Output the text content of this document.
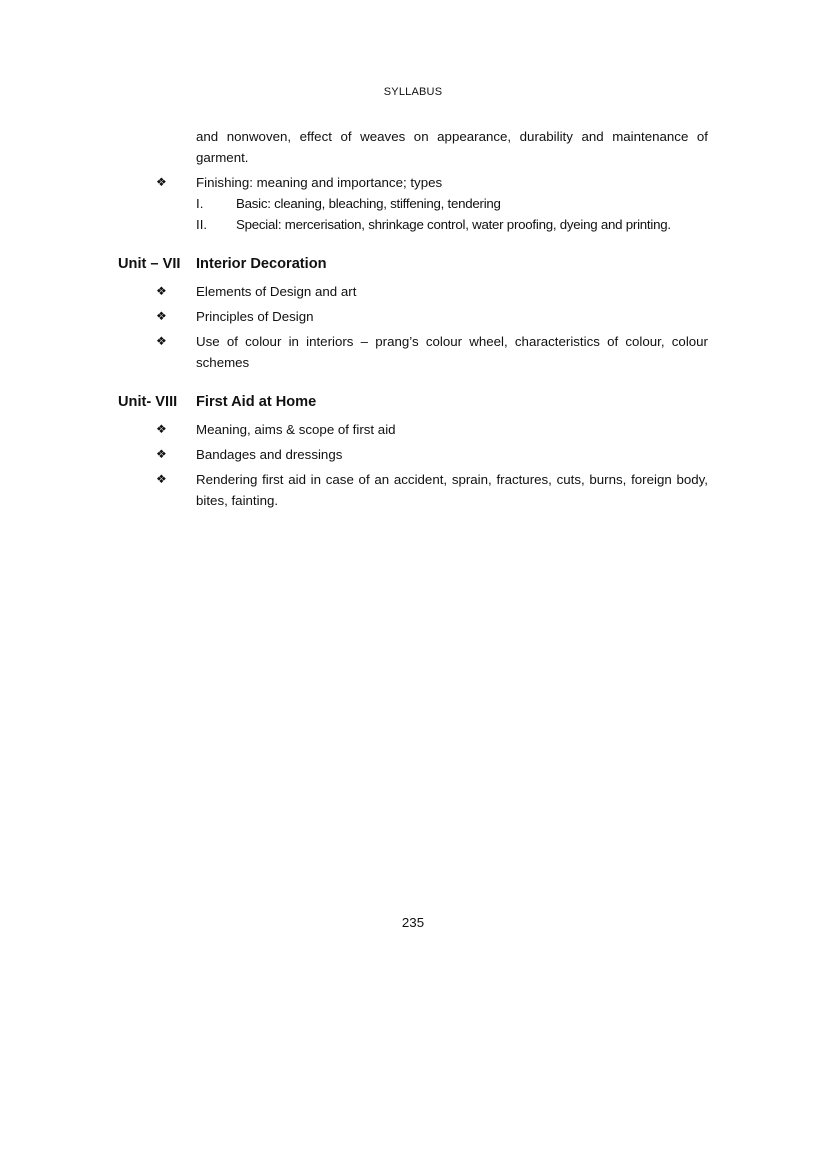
SYLLABUS
and nonwoven, effect of weaves on appearance, durability and maintenance of garment.
❖	Finishing: meaning and importance; types
I.	Basic: cleaning, bleaching, stiffening, tendering
II.	Special: mercerisation, shrinkage control, water proofing, dyeing and printing.
Unit – VII	Interior Decoration
❖	Elements of Design and art
❖	Principles of Design
❖	Use of colour in interiors – prang’s colour wheel, characteristics of colour, colour schemes
Unit- VIII	First Aid at Home
❖	Meaning, aims & scope of first aid
❖	Bandages and dressings
❖	Rendering first aid in case of an accident, sprain, fractures, cuts, burns, foreign body, bites, fainting.
235
